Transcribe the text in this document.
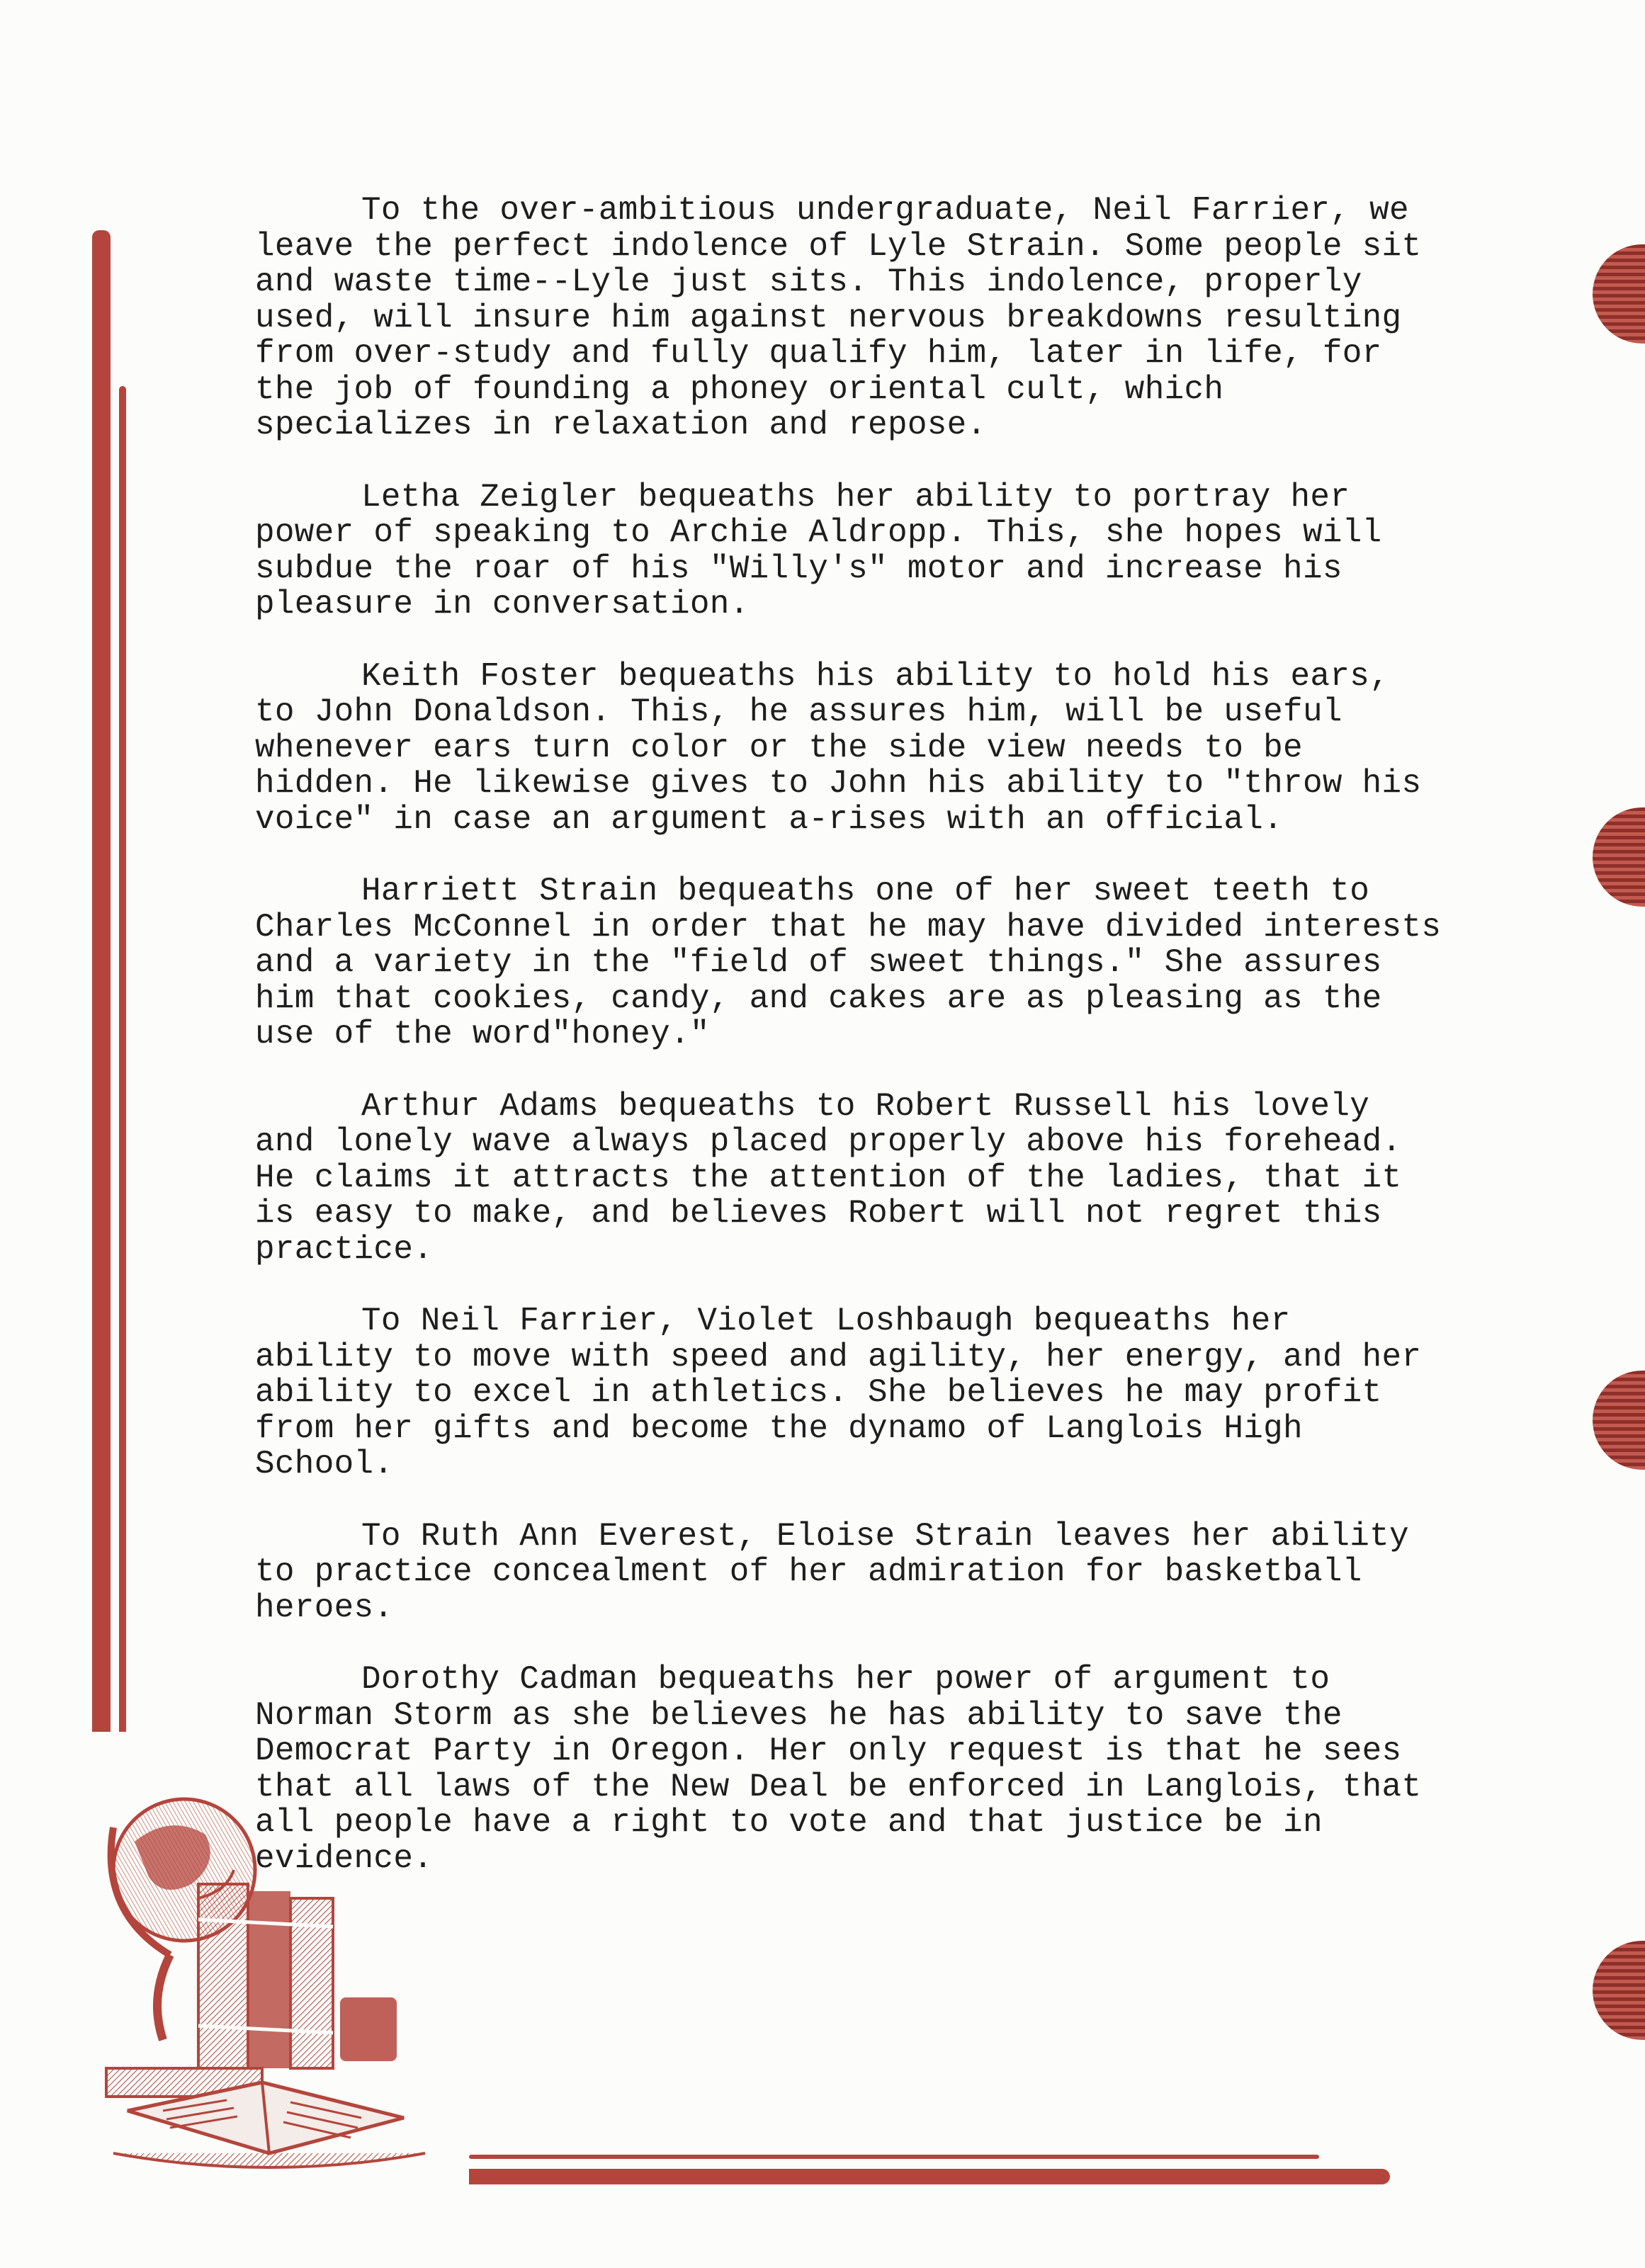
To the over-ambitious undergraduate, Neil Farrier, we leave the perfect indolence of Lyle Strain. Some people sit and waste time--Lyle just sits. This indolence, properly used, will insure him against nervous breakdowns resulting from over-study and fully qualify him, later in life, for the job of founding a phoney oriental cult, which specializes in relaxation and repose.

Letha Zeigler bequeaths her ability to portray her power of speaking to Archie Aldropp. This, she hopes will subdue the roar of his "Willy's" motor and increase his pleasure in conversation.

Keith Foster bequeaths his ability to hold his ears, to John Donaldson. This, he assures him, will be useful whenever ears turn color or the side view needs to be hidden. He likewise gives to John his ability to "throw his voice" in case an argument a-rises with an official.

Harriett Strain bequeaths one of her sweet teeth to Charles McConnel in order that he may have divided interests and a variety in the "field of sweet things." She assures him that cookies, candy, and cakes are as pleasing as the use of the word"honey."

Arthur Adams bequeaths to Robert Russell his lovely and lonely wave always placed properly above his forehead. He claims it attracts the attention of the ladies, that it is easy to make, and believes Robert will not regret this practice.

To Neil Farrier, Violet Loshbaugh bequeaths her ability to move with speed and agility, her energy, and her ability to excel in athletics. She believes he may profit from her gifts and become the dynamo of Langlois High School.

To Ruth Ann Everest, Eloise Strain leaves her ability to practice concealment of her admiration for basketball heroes.

Dorothy Cadman bequeaths her power of argument to Norman Storm as she believes he has ability to save the Democrat Party in Oregon. Her only request is that he sees that all laws of the New Deal be enforced in Langlois, that all people have a right to vote and that justice be in evidence.
